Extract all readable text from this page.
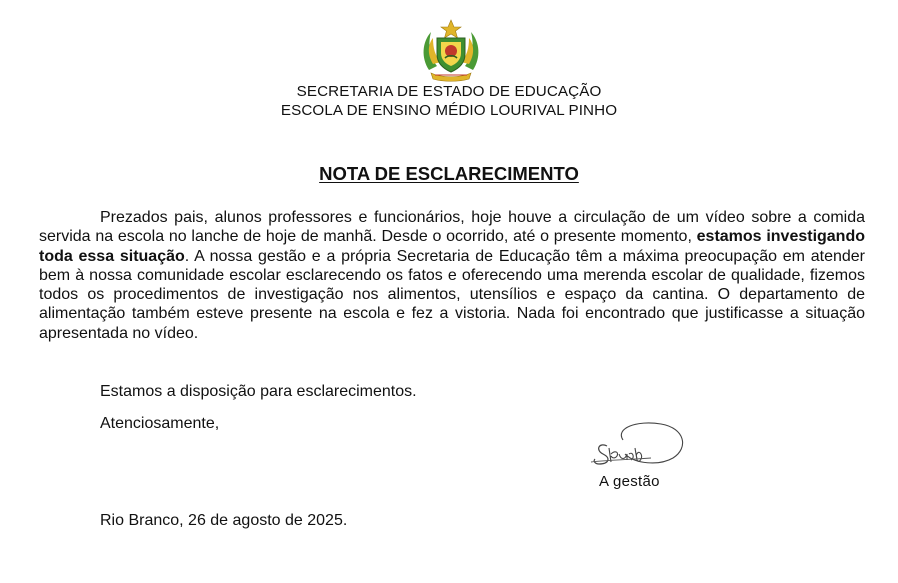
SECRETARIA DE ESTADO DE EDUCAÇÃO
ESCOLA DE ENSINO MÉDIO LOURIVAL PINHO
NOTA DE ESCLARECIMENTO

Prezados pais, alunos professores e funcionários, hoje houve a circulação de um vídeo sobre a comida servida na escola no lanche de hoje de manhã. Desde o ocorrido, até o presente momento, estamos investigando toda essa situação. A nossa gestão e a própria Secretaria de Educação têm a máxima preocupação em atender bem à nossa comunidade escolar esclarecendo os fatos e oferecendo uma merenda escolar de qualidade, fizemos todos os procedimentos de investigação nos alimentos, utensílios e espaço da cantina. O departamento de alimentação também esteve presente na escola e fez a vistoria. Nada foi encontrado que justificasse a situação apresentada no vídeo.

Estamos a disposição para esclarecimentos.
Atenciosamente,
A gestão
Rio Branco, 26 de agosto de 2025.
